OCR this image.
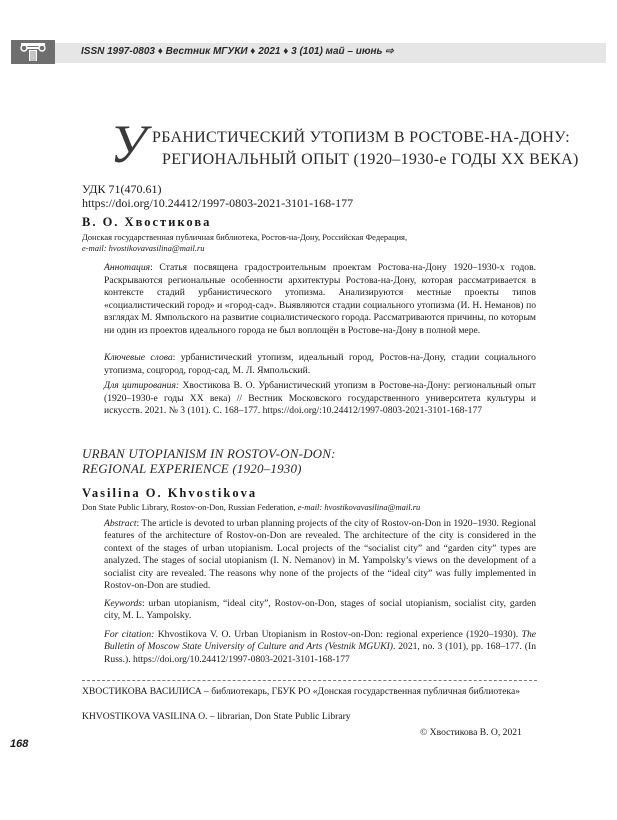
ISSN 1997-0803 ♦ Вестник МГУКИ ♦ 2021 ♦ 3 (101) май – июнь ⇨
У РБАНИСТИЧЕСКИЙ УТОПИЗМ В РОСТОВЕ-НА-ДОНУ:
РЕГИОНАЛЬНЫЙ ОПЫТ (1920–1930-е ГОДЫ XX ВЕКА)
УДК 71(470.61)
https://doi.org/10.24412/1997-0803-2021-3101-168-177
В. О. Хвостикова
Донская государственная публичная библиотека, Ростов-на-Дону, Российская Федерация,
e-mail: hvostikovavasilina@mail.ru
Аннотация: Статья посвящена градостроительным проектам Ростова-на-Дону 1920–1930-х годов. Раскрываются региональные особенности архитектуры Ростова-на-Дону, которая рассматривается в контексте стадий урбанистического утопизма. Анализируются местные проекты типов «социалистический город» и «город-сад». Выявляются стадии социального утопизма (И. Н. Неманов) по взглядах М. Ямпольского на развитие социалистического города. Рассматриваются причины, по которым ни один из проектов идеального города не был воплощён в Ростове-на-Дону в полной мере.
Ключевые слова: урбанистический утопизм, идеальный город, Ростов-на-Дону, стадии социального утопизма, соцгород, город-сад, М. Л. Ямпольский.
Для цитирования: Хвостикова В. О. Урбанистический утопизм в Ростове-на-Дону: региональный опыт (1920–1930-е годы XX века) // Вестник Московского государственного университета культуры и искусств. 2021. № 3 (101). С. 168–177. https://doi.org/:10.24412/1997-0803-2021-3101-168-177
URBAN UTOPIANISM IN ROSTOV-ON-DON:
REGIONAL EXPERIENCE (1920–1930)
Vasilina O. Khvostikova
Don State Public Library, Rostov-on-Don, Russian Federation, e-mail: hvostikovavasilina@mail.ru
Abstract: The article is devoted to urban planning projects of the city of Rostov-on-Don in 1920–1930. Regional features of the architecture of Rostov-on-Don are revealed. The architecture of the city is considered in the context of the stages of urban utopianism. Local projects of the “socialist city” and “garden city” types are analyzed. The stages of social utopianism (I. N. Nemanov) in M. Yampolsky’s views on the development of a socialist city are revealed. The reasons why none of the projects of the “ideal city” was fully implemented in Rostov-on-Don are studied.
Keywords: urban utopianism, “ideal city”, Rostov-on-Don, stages of social utopianism, socialist city, garden city, M. L. Yampolsky.
For citation: Khvostikova V. O. Urban Utopianism in Rostov-on-Don: regional experience (1920–1930). The Bulletin of Moscow State University of Culture and Arts (Vestnik MGUKI). 2021, no. 3 (101), pp. 168–177. (In Russ.). https://doi.org/10.24412/1997-0803-2021-3101-168-177
ХВОСТИКОВА ВАСИЛИСА – библиотекарь, ГБУК РО «Донская государственная публичная библиотека»
KHVOSTIKOVA VASILINA O. – librarian, Don State Public Library
© Хвостикова В. О, 2021
168
